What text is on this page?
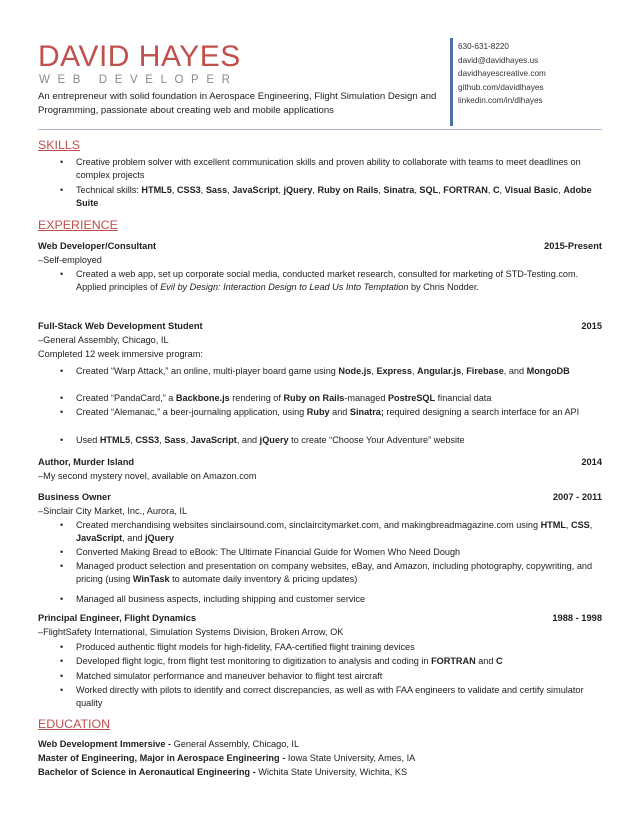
DAVID HAYES
WEB DEVELOPER
An entrepreneur with solid foundation in Aerospace Engineering, Flight Simulation Design and Programming, passionate about creating web and mobile applications
630-631-8220
david@davidhayes.us
davidhayescreative.com
github.com/davidlhayes
linkedin.com/in/dlhayes
SKILLS
•	Creative problem solver with excellent communication skills and proven ability to collaborate with teams to meet deadlines on complex projects
•	Technical skills: HTML5, CSS3, Sass, JavaScript, jQuery, Ruby on Rails, Sinatra, SQL, FORTRAN, C, Visual Basic, Adobe Suite
EXPERIENCE
Web Developer/Consultant	2015-Present
–Self-employed
•	Created a web app, set up corporate social media, conducted market research, consulted for marketing of STD-Testing.com. Applied principles of Evil by Design: Interaction Design to Lead Us Into Temptation by Chris Nodder.
Full-Stack Web Development Student	2015
–General Assembly, Chicago, IL
Completed 12 week immersive program:
•	Created “Warp Attack,” an online, multi-player board game using Node.js, Express, Angular.js, Firebase, and MongoDB
•	Created “PandaCard,” a Backbone.js rendering of Ruby on Rails-managed PostreSQL financial data
•	Created “Alemanac,” a beer-journaling application, using Ruby and Sinatra; required designing a search interface for an API
•	Used HTML5, CSS3, Sass, JavaScript, and jQuery to create “Choose Your Adventure” website
Author, Murder Island	2014
–My second mystery novel, available on Amazon.com
Business Owner	2007 - 2011
–Sinclair City Market, Inc., Aurora, IL
•	Created merchandising websites sinclairsound.com, sinclaircitymarket.com, and makingbreadmagazine.com using HTML, CSS, JavaScript, and jQuery
•	Converted Making Bread to eBook: The Ultimate Financial Guide for Women Who Need Dough
•	Managed product selection and presentation on company websites, eBay, and Amazon, including photography, copywriting, and pricing (using WinTask to automate daily inventory & pricing updates)
•	Managed all business aspects, including shipping and customer service
Principal Engineer, Flight Dynamics	1988 - 1998
–FlightSafety International, Simulation Systems Division, Broken Arrow, OK
•	Produced authentic flight models for high-fidelity, FAA-certified flight training devices
•	Developed flight logic, from flight test monitoring to digitization to analysis and coding in FORTRAN and C
•	Matched simulator performance and maneuver behavior to flight test aircraft
•	Worked directly with pilots to identify and correct discrepancies, as well as with FAA engineers to validate and certify simulator quality
EDUCATION
Web Development Immersive - General Assembly, Chicago, IL
Master of Engineering, Major in Aerospace Engineering - Iowa State University, Ames, IA
Bachelor of Science in Aeronautical Engineering - Wichita State University, Wichita, KS
